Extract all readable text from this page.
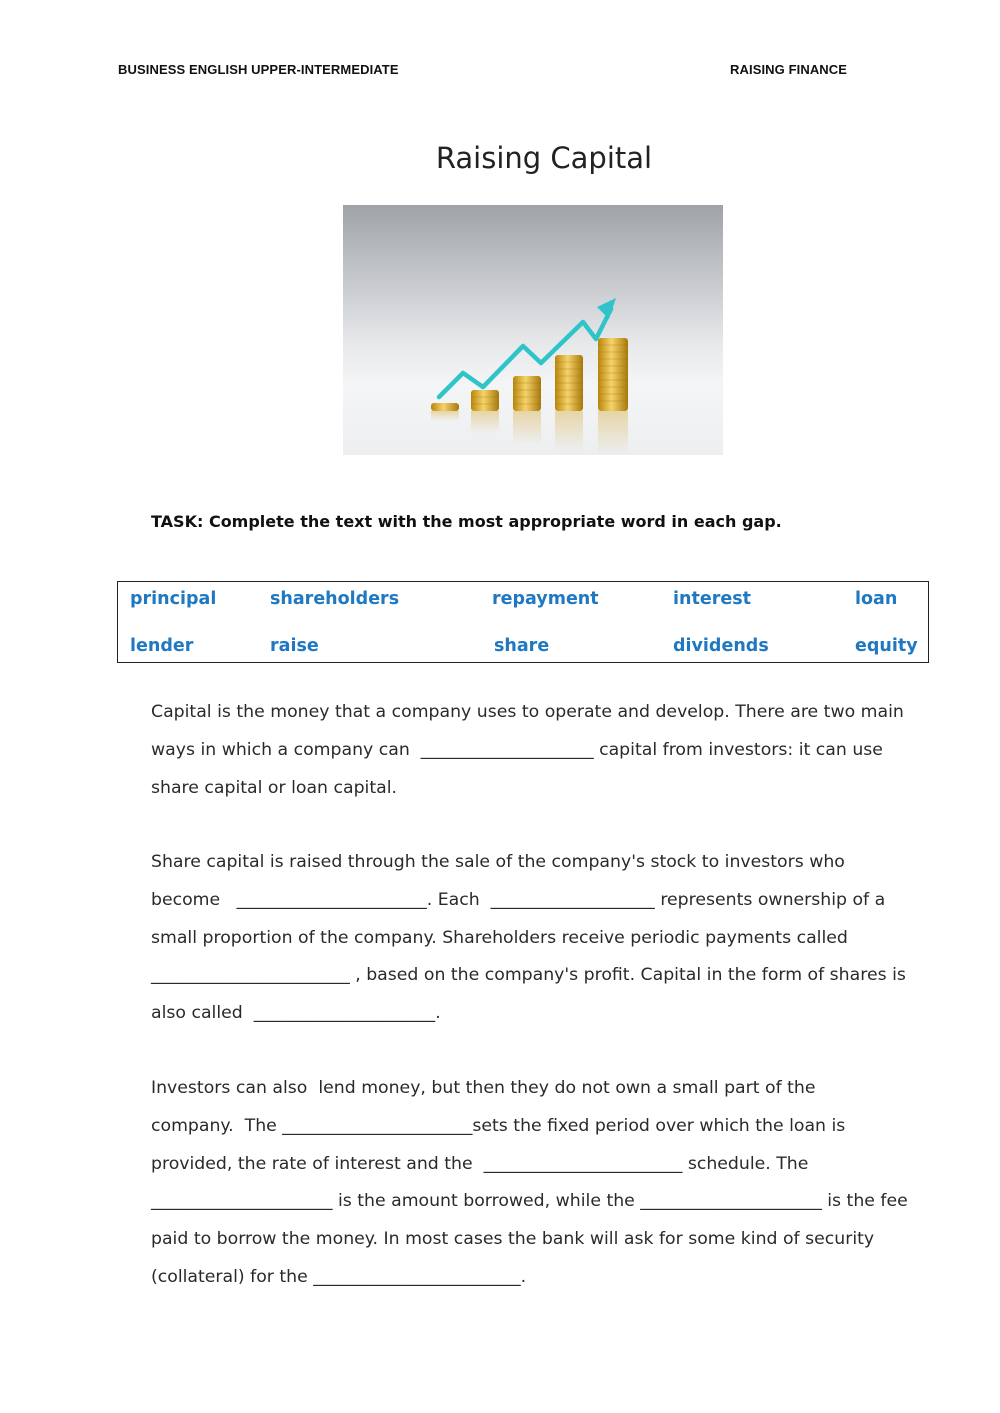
BUSINESS ENGLISH UPPER-INTERMEDIATE	RAISING FINANCE
Raising Capital
TASK: Complete the text with the most appropriate word in each gap.
principal	shareholders	repayment	interest	loan
lender	raise	share	dividends	equity
Capital is the money that a company uses to operate and develop. There are two main
ways in which a company can  ____________________ capital from investors: it can use
share capital or loan capital.
Share capital is raised through the sale of the company's stock to investors who
become   ______________________. Each  ___________________ represents ownership of a
small proportion of the company. Shareholders receive periodic payments called
_______________________ , based on the company's profit. Capital in the form of shares is
also called  _____________________.
Investors can also  lend money, but then they do not own a small part of the
company.  The ______________________sets the fixed period over which the loan is
provided, the rate of interest and the  _______________________ schedule. The
_____________________ is the amount borrowed, while the _____________________ is the fee
paid to borrow the money. In most cases the bank will ask for some kind of security
(collateral) for the ________________________.
